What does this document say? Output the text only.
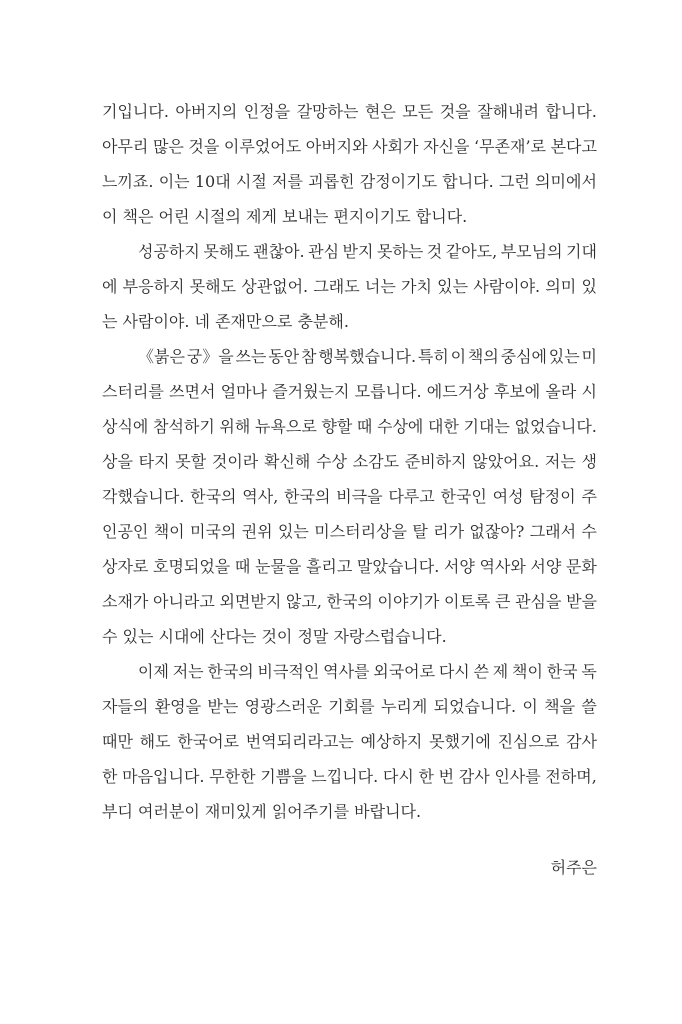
기입니다. 아버지의 인정을 갈망하는 현은 모든 것을 잘해내려 합니다.
아무리 많은 것을 이루었어도 아버지와 사회가 자신을 ‘무존재’로 본다고
느끼죠. 이는 10대 시절 저를 괴롭힌 감정이기도 합니다. 그런 의미에서
이 책은 어린 시절의 제게 보내는 편지이기도 합니다.
성공하지 못해도 괜찮아. 관심 받지 못하는 것 같아도, 부모님의 기대
에 부응하지 못해도 상관없어. 그래도 너는 가치 있는 사람이야. 의미 있
는 사람이야. 네 존재만으로 충분해.
《붉은 궁》을 쓰는 동안 참 행복했습니다. 특히 이 책의 중심에 있는 미
스터리를 쓰면서 얼마나 즐거웠는지 모릅니다. 에드거상 후보에 올라 시
상식에 참석하기 위해 뉴욕으로 향할 때 수상에 대한 기대는 없었습니다.
상을 타지 못할 것이라 확신해 수상 소감도 준비하지 않았어요. 저는 생
각했습니다. 한국의 역사, 한국의 비극을 다루고 한국인 여성 탐정이 주
인공인 책이 미국의 권위 있는 미스터리상을 탈 리가 없잖아? 그래서 수
상자로 호명되었을 때 눈물을 흘리고 말았습니다. 서양 역사와 서양 문화
소재가 아니라고 외면받지 않고, 한국의 이야기가 이토록 큰 관심을 받을
수 있는 시대에 산다는 것이 정말 자랑스럽습니다.
이제 저는 한국의 비극적인 역사를 외국어로 다시 쓴 제 책이 한국 독
자들의 환영을 받는 영광스러운 기회를 누리게 되었습니다. 이 책을 쓸
때만 해도 한국어로 번역되리라고는 예상하지 못했기에 진심으로 감사
한 마음입니다. 무한한 기쁨을 느낍니다. 다시 한 번 감사 인사를 전하며,
부디 여러분이 재미있게 읽어주기를 바랍니다.
허주은
